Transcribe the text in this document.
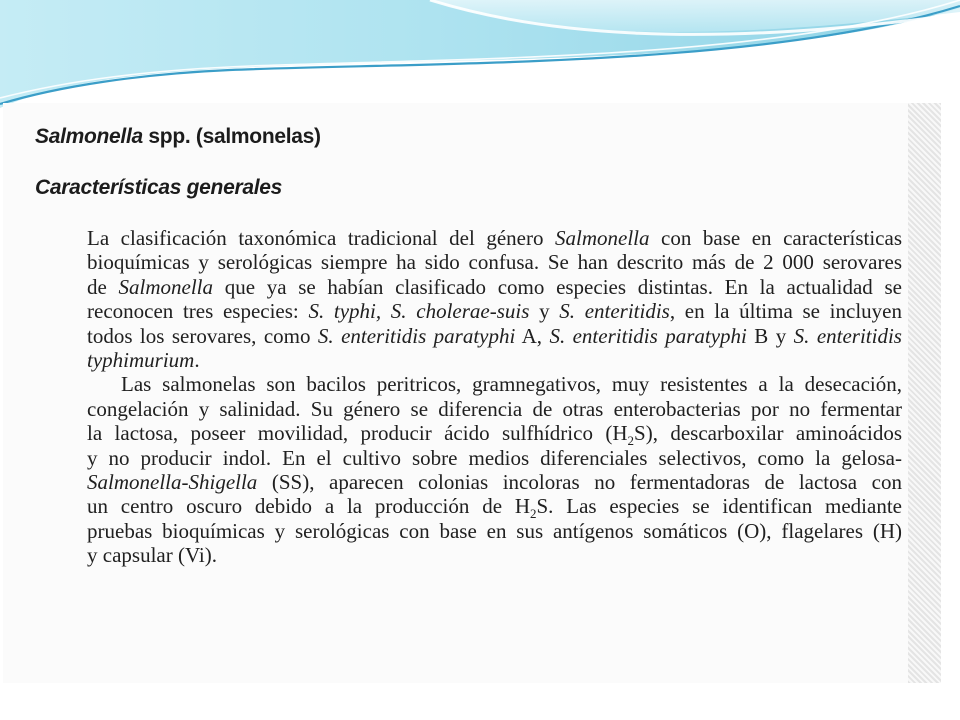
Salmonella spp. (salmonelas)
Características generales

La clasificación taxonómica tradicional del género Salmonella con base en características
bioquímicas y serológicas siempre ha sido confusa. Se han descrito más de 2 000 serovares
de Salmonella que ya se habían clasificado como especies distintas. En la actualidad se
reconocen tres especies: S. typhi, S. cholerae-suis y S. enteritidis, en la última se incluyen
todos los serovares, como S. enteritidis paratyphi A, S. enteritidis paratyphi B y S. enteritidis
typhimurium.

Las salmonelas son bacilos peritricos, gramnegativos, muy resistentes a la desecación,
congelación y salinidad. Su género se diferencia de otras enterobacterias por no fermentar
la lactosa, poseer movilidad, producir ácido sulfhídrico $(H_2S)$, descarboxilar aminoácidos
y no producir indol. En el cultivo sobre medios diferenciales selectivos, como la gelosa-
Salmonella-Shigella (SS), aparecen colonias incoloras no fermentadoras de lactosa con
un centro oscuro debido a la producción de $H_2S$. Las especies se identifican mediante
pruebas bioquímicas y serológicas con base en sus antígenos somáticos (O), flagelares (H)
y capsular (Vi).
